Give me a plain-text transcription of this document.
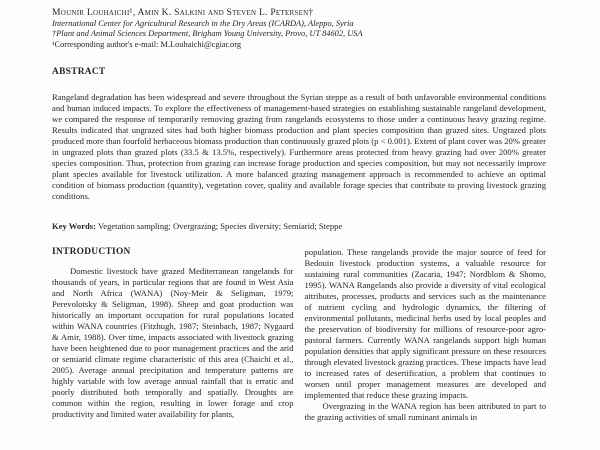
Mounir Louhaichi¹, Amin K. Salkini and Steven L. Petersen†
International Center for Agricultural Research in the Dry Areas (ICARDA), Aleppo, Syria
†Plant and Animal Sciences Department, Brigham Young University, Provo, UT 84602, USA
¹Corresponding author's e-mail: M.Louhaichi@cgiar.org
ABSTRACT

Rangeland degradation has been widespread and severe throughout the Syrian steppe as a result of both unfavorable environmental conditions and human induced impacts. To explore the effectiveness of management-based strategies on establishing sustainable rangeland development, we compared the response of temporarily removing grazing from rangelands ecosystems to those under a continuous heavy grazing regime. Results indicated that ungrazed sites had both higher biomass production and plant species composition than grazed sites. Ungrazed plots produced more than fourfold herbaceous biomass production than continuously grazed plots (p < 0.001). Extent of plant cover was 20% greater in ungrazed plots than grazed plots (33.5 & 13.5%, respectively). Furthermore areas protected from heavy grazing had over 200% greater species composition. Thus, protection from grazing can increase forage production and species composition, but may not necessarily improve plant species available for livestock utilization. A more balanced grazing management approach is recommended to achieve an optimal condition of biomass production (quantity), vegetation cover, quality and available forage species that contribute to proving livestock grazing conditions.

Key Words: Vegetation sampling; Overgrazing; Species diversity; Semiarid; Steppe

INTRODUCTION

Domestic livestock have grazed Mediterranean rangelands for thousands of years, in particular regions that are found in West Asia and North Africa (WANA) (Noy-Meir & Seligman, 1979; Perevolotsky & Seligman, 1998). Sheep and goat production was historically an important occupation for rural populations located within WANA countries (Fitzhugh, 1987; Steinbach, 1987; Nygaard & Amir, 1988). Over time, impacts associated with livestock grazing have been heightened due to poor management practices and the arid or semiarid climate regime characteristic of this area (Chaichi et al., 2005). Average annual precipitation and temperature patterns are highly variable with low average annual rainfall that is erratic and poorly distributed both temporally and spatially. Droughts are common within the region, resulting in lower forage and crop productivity and limited water availability for plants,

population. These rangelands provide the major source of feed for Bedouin livestock production systems, a valuable resource for sustaining rural communities (Zacaria, 1947; Nordblom & Shomo, 1995). WANA Rangelands also provide a diversity of vital ecological attributes, processes, products and services such as the maintenance of nutrient cycling and hydrologic dynamics, the filtering of environmental pollutants, medicinal herbs used by local peoples and the preservation of biodiversity for millions of resource-poor agro-pastoral farmers. Currently WANA rangelands support high human population densities that apply significant pressure on these resources through elevated livestock grazing practices. These impacts have lead to increased rates of desertification, a problem that continues to worsen until proper management measures are developed and implemented that reduce these grazing impacts.

Overgrazing in the WANA region has been attributed in part to the grazing activities of small ruminant animals in
